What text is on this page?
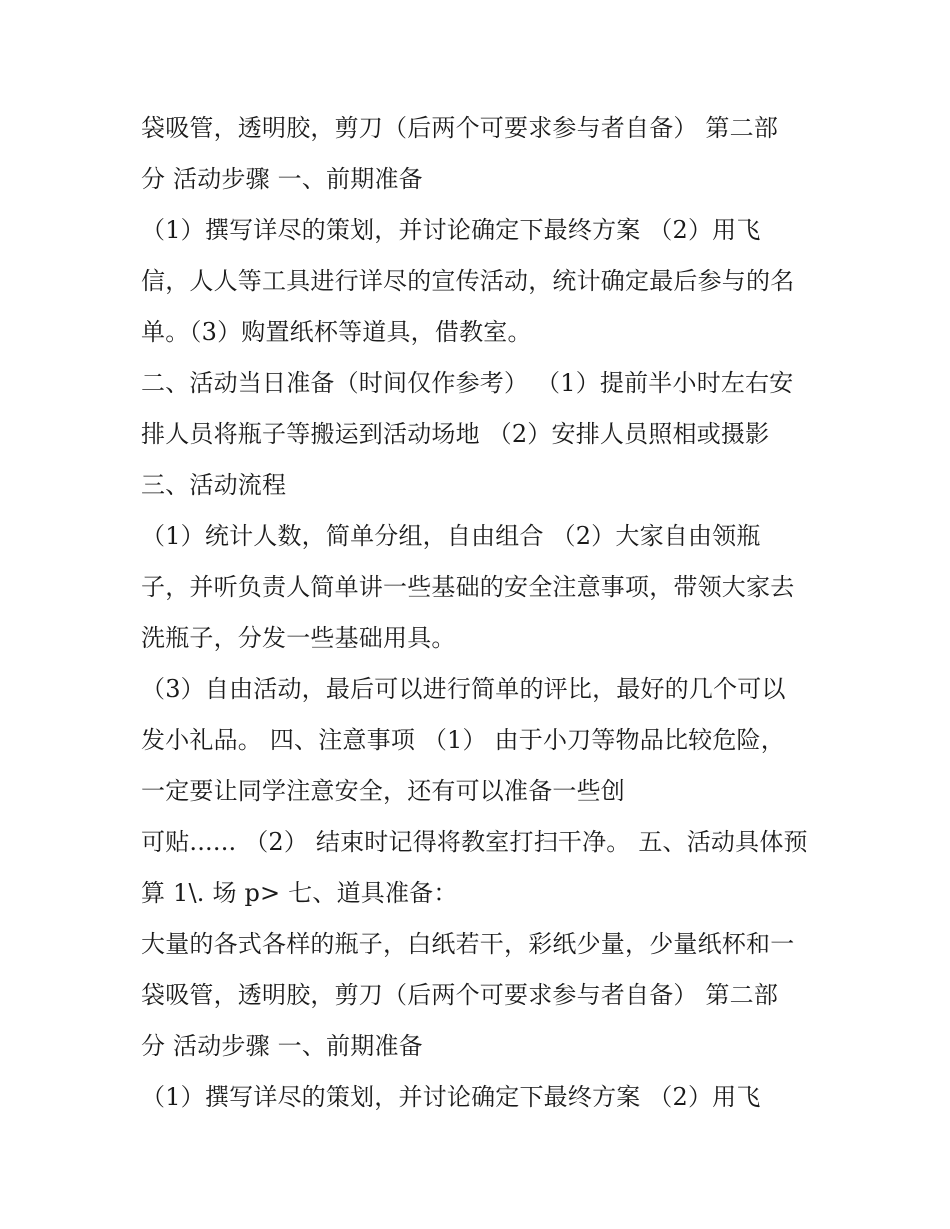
袋吸管，透明胶，剪刀（后两个可要求参与者自备） 第二部
分 活动步骤 一、前期准备
（1）撰写详尽的策划，并讨论确定下最终方案 （2）用飞
信，人人等工具进行详尽的宣传活动，统计确定最后参与的名
单。（3）购置纸杯等道具，借教室。
二、活动当日准备（时间仅作参考） （1）提前半小时左右安
排人员将瓶子等搬运到活动场地 （2）安排人员照相或摄影
三、活动流程
（1）统计人数，简单分组，自由组合 （2）大家自由领瓶
子，并听负责人简单讲一些基础的安全注意事项，带领大家去
洗瓶子，分发一些基础用具。
（3）自由活动，最后可以进行简单的评比，最好的几个可以
发小礼品。 四、注意事项 （1） 由于小刀等物品比较危险，
一定要让同学注意安全，还有可以准备一些创
可贴...... （2） 结束时记得将教室打扫干净。 五、活动具体预
算 1\. 场 p> 七、道具准备：
大量的各式各样的瓶子，白纸若干，彩纸少量，少量纸杯和一
袋吸管，透明胶，剪刀（后两个可要求参与者自备） 第二部
分 活动步骤 一、前期准备
（1）撰写详尽的策划，并讨论确定下最终方案 （2）用飞
